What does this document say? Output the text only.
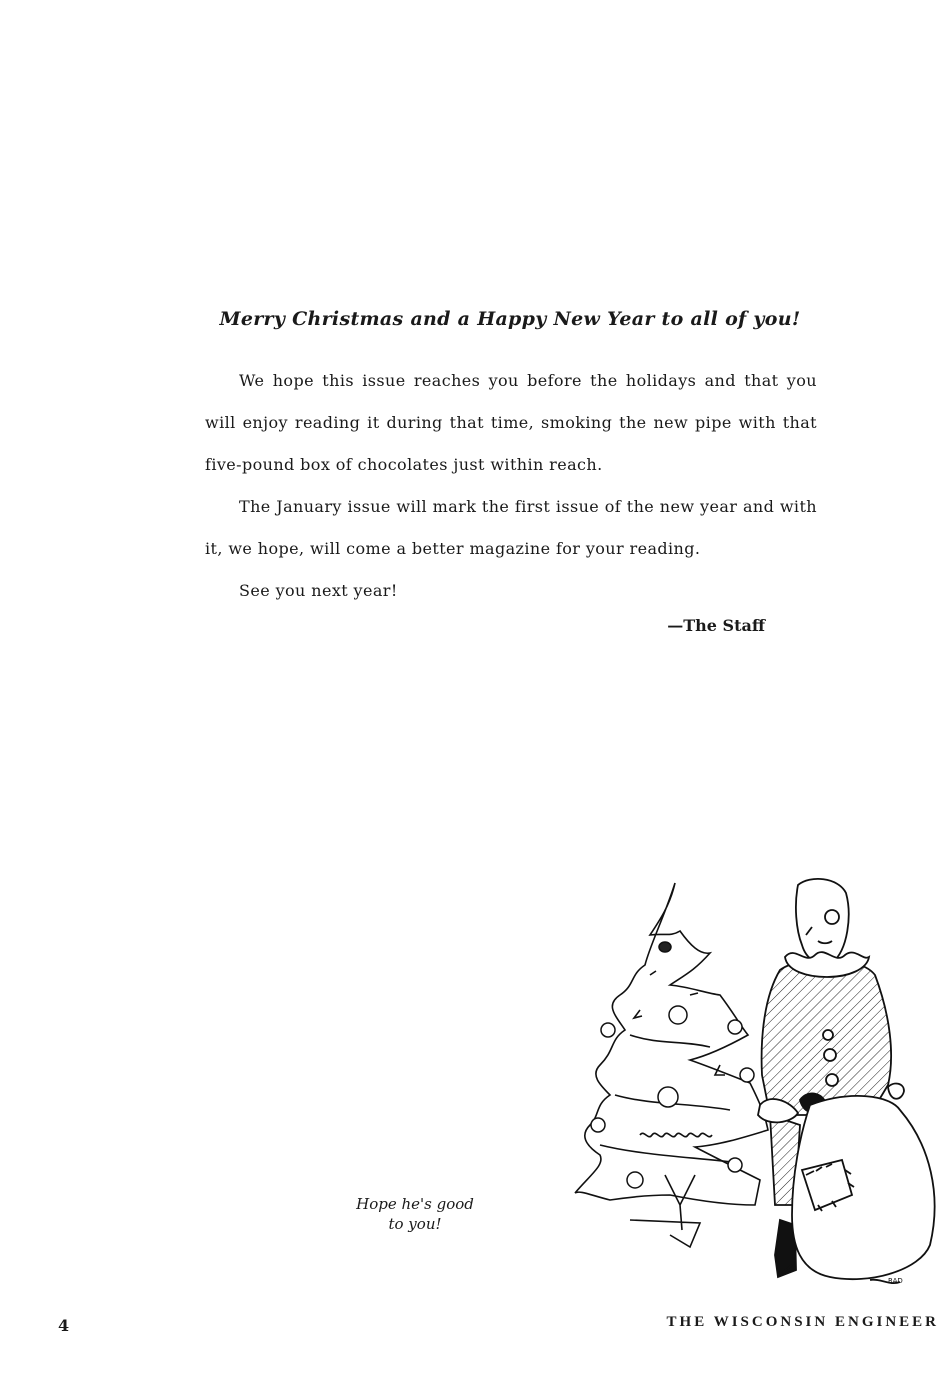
Merry Christmas and a Happy New Year to all of you!

We hope this issue reaches you before the holidays and that you will enjoy reading it during that time, smoking the new pipe with that five-pound box of chocolates just within reach.

The January issue will mark the first issue of the new year and with it, we hope, will come a better magazine for your reading.

See you next year!

—The Staff
Hope he's good
to you!
RAD
4	THE WISCONSIN ENGINEER
